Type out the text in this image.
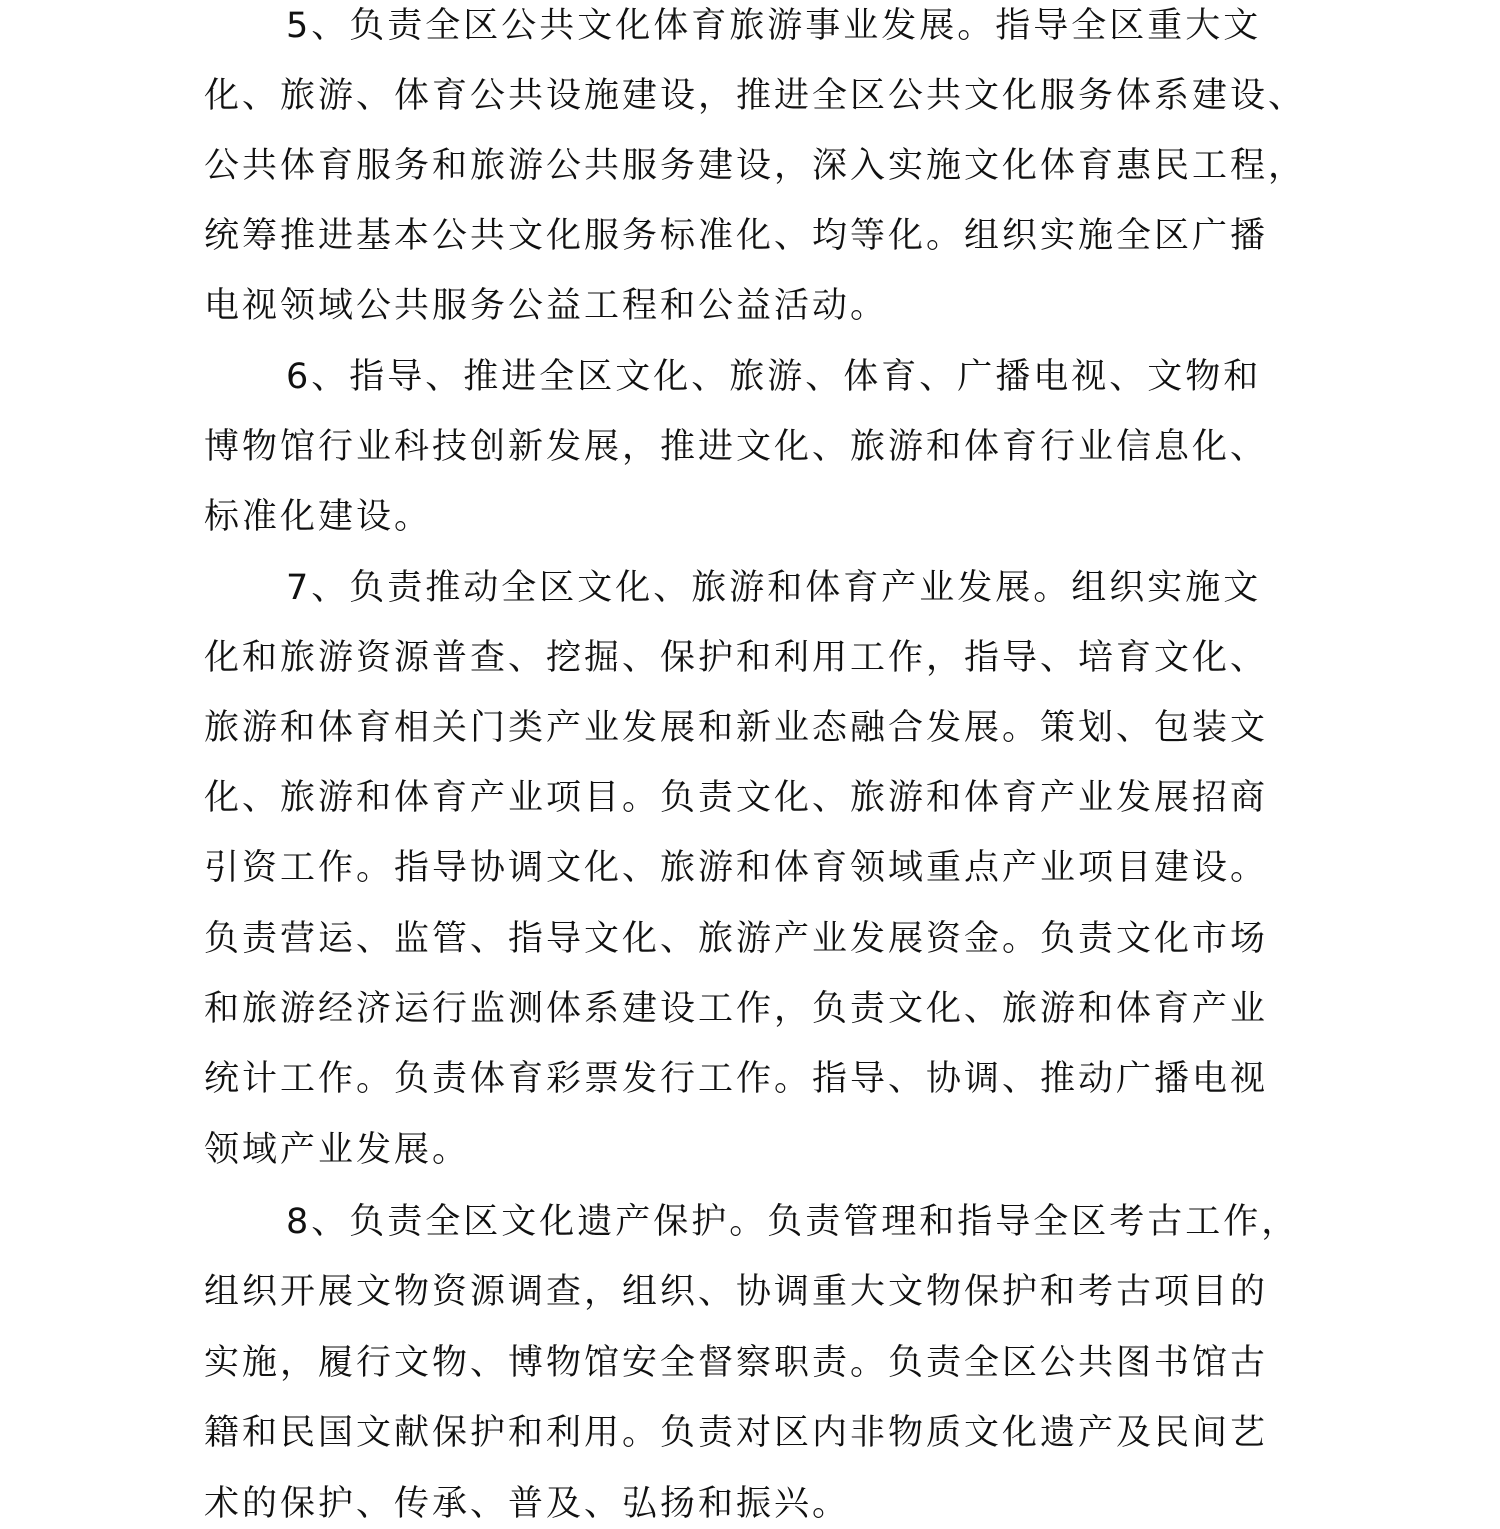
5、负责全区公共文化体育旅游事业发展。指导全区重大文
化、旅游、体育公共设施建设，推进全区公共文化服务体系建设、
公共体育服务和旅游公共服务建设，深入实施文化体育惠民工程，
统筹推进基本公共文化服务标准化、均等化。组织实施全区广播
电视领域公共服务公益工程和公益活动。
6、指导、推进全区文化、旅游、体育、广播电视、文物和
博物馆行业科技创新发展，推进文化、旅游和体育行业信息化、
标准化建设。
7、负责推动全区文化、旅游和体育产业发展。组织实施文
化和旅游资源普查、挖掘、保护和利用工作，指导、培育文化、
旅游和体育相关门类产业发展和新业态融合发展。策划、包装文
化、旅游和体育产业项目。负责文化、旅游和体育产业发展招商
引资工作。指导协调文化、旅游和体育领域重点产业项目建设。
负责营运、监管、指导文化、旅游产业发展资金。负责文化市场
和旅游经济运行监测体系建设工作，负责文化、旅游和体育产业
统计工作。负责体育彩票发行工作。指导、协调、推动广播电视
领域产业发展。
8、负责全区文化遗产保护。负责管理和指导全区考古工作，
组织开展文物资源调查，组织、协调重大文物保护和考古项目的
实施，履行文物、博物馆安全督察职责。负责全区公共图书馆古
籍和民国文献保护和利用。负责对区内非物质文化遗产及民间艺
术的保护、传承、普及、弘扬和振兴。
